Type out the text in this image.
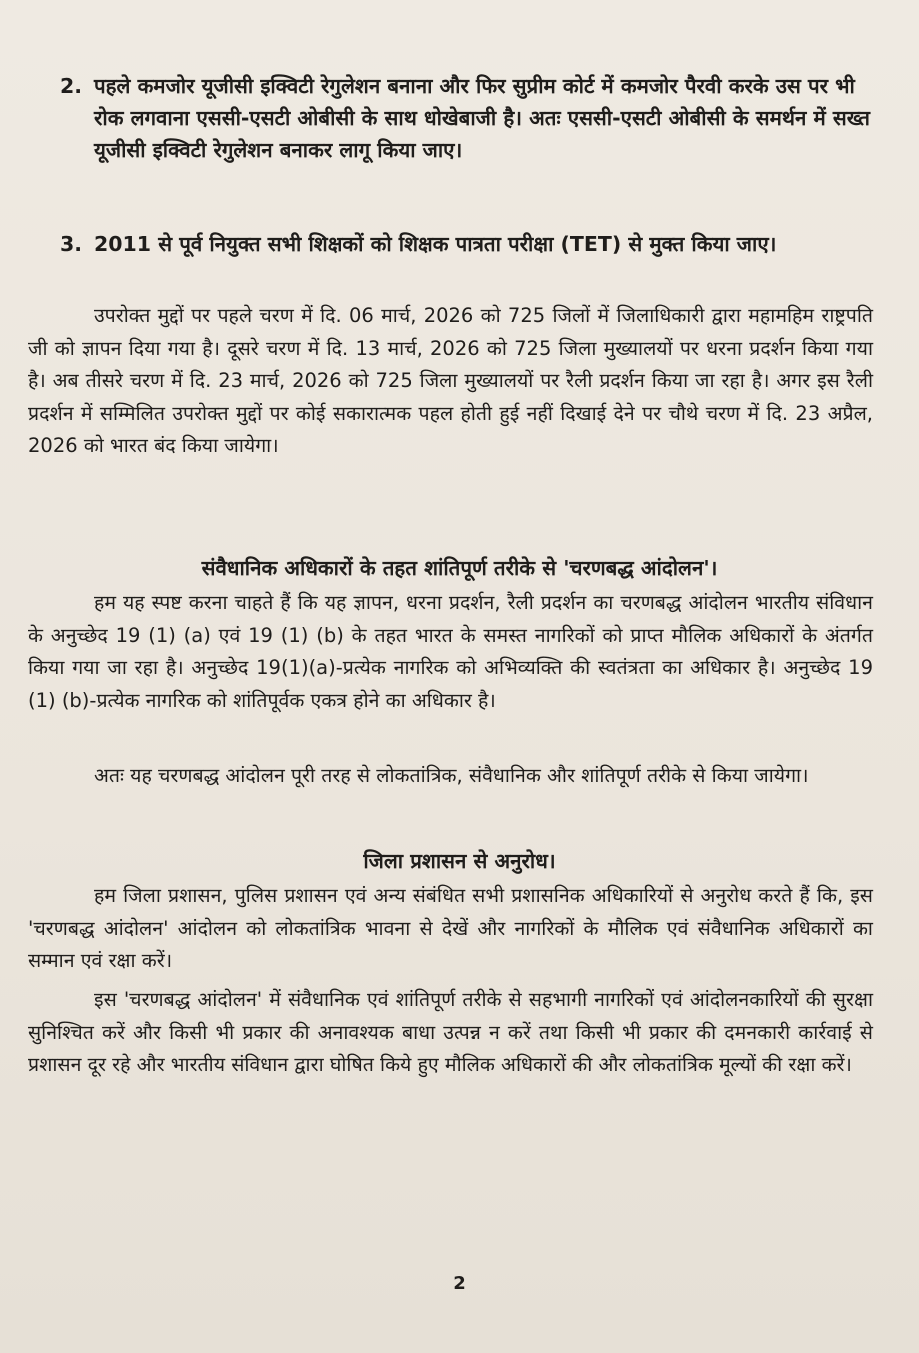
2. पहले कमजोर यूजीसी इक्विटी रेगुलेशन बनाना और फिर सुप्रीम कोर्ट में कमजोर पैरवी करके उस पर भी रोक लगवाना एससी-एसटी ओबीसी के साथ धोखेबाजी है। अतः एससी-एसटी ओबीसी के समर्थन में सख्त यूजीसी इक्विटी रेगुलेशन बनाकर लागू किया जाए।
3. 2011 से पूर्व नियुक्त सभी शिक्षकों को शिक्षक पात्रता परीक्षा (TET) से मुक्त किया जाए।

उपरोक्त मुद्दों पर पहले चरण में दि. 06 मार्च, 2026 को 725 जिलों में जिलाधिकारी द्वारा महामहिम राष्ट्रपति जी को ज्ञापन दिया गया है। दूसरे चरण में दि. 13 मार्च, 2026 को 725 जिला मुख्यालयों पर धरना प्रदर्शन किया गया है। अब तीसरे चरण में दि. 23 मार्च, 2026 को 725 जिला मुख्यालयों पर रैली प्रदर्शन किया जा रहा है। अगर इस रैली प्रदर्शन में सम्मिलित उपरोक्त मुद्दों पर कोई सकारात्मक पहल होती हुई नहीं दिखाई देने पर चौथे चरण में दि. 23 अप्रैल, 2026 को भारत बंद किया जायेगा।

संवैधानिक अधिकारों के तहत शांतिपूर्ण तरीके से 'चरणबद्ध आंदोलन'।

हम यह स्पष्ट करना चाहते हैं कि यह ज्ञापन, धरना प्रदर्शन, रैली प्रदर्शन का चरणबद्ध आंदोलन भारतीय संविधान के अनुच्छेद 19 (1) (a) एवं 19 (1) (b) के तहत भारत के समस्त नागरिकों को प्राप्त मौलिक अधिकारों के अंतर्गत किया गया जा रहा है। अनुच्छेद 19(1)(a)-प्रत्येक नागरिक को अभिव्यक्ति की स्वतंत्रता का अधिकार है। अनुच्छेद 19 (1) (b)-प्रत्येक नागरिक को शांतिपूर्वक एकत्र होने का अधिकार है।

अतः यह चरणबद्ध आंदोलन पूरी तरह से लोकतांत्रिक, संवैधानिक और शांतिपूर्ण तरीके से किया जायेगा।

जिला प्रशासन से अनुरोध।

हम जिला प्रशासन, पुलिस प्रशासन एवं अन्य संबंधित सभी प्रशासनिक अधिकारियों से अनुरोध करते हैं कि, इस 'चरणबद्ध आंदोलन' आंदोलन को लोकतांत्रिक भावना से देखें और नागरिकों के मौलिक एवं संवैधानिक अधिकारों का सम्मान एवं रक्षा करें।

इस 'चरणबद्ध आंदोलन' में संवैधानिक एवं शांतिपूर्ण तरीके से सहभागी नागरिकों एवं आंदोलनकारियों की सुरक्षा सुनिश्चित करें और किसी भी प्रकार की अनावश्यक बाधा उत्पन्न न करें तथा किसी भी प्रकार की दमनकारी कार्रवाई से प्रशासन दूर रहे और भारतीय संविधान द्वारा घोषित किये हुए मौलिक अधिकारों की और लोकतांत्रिक मूल्यों की रक्षा करें।

2
